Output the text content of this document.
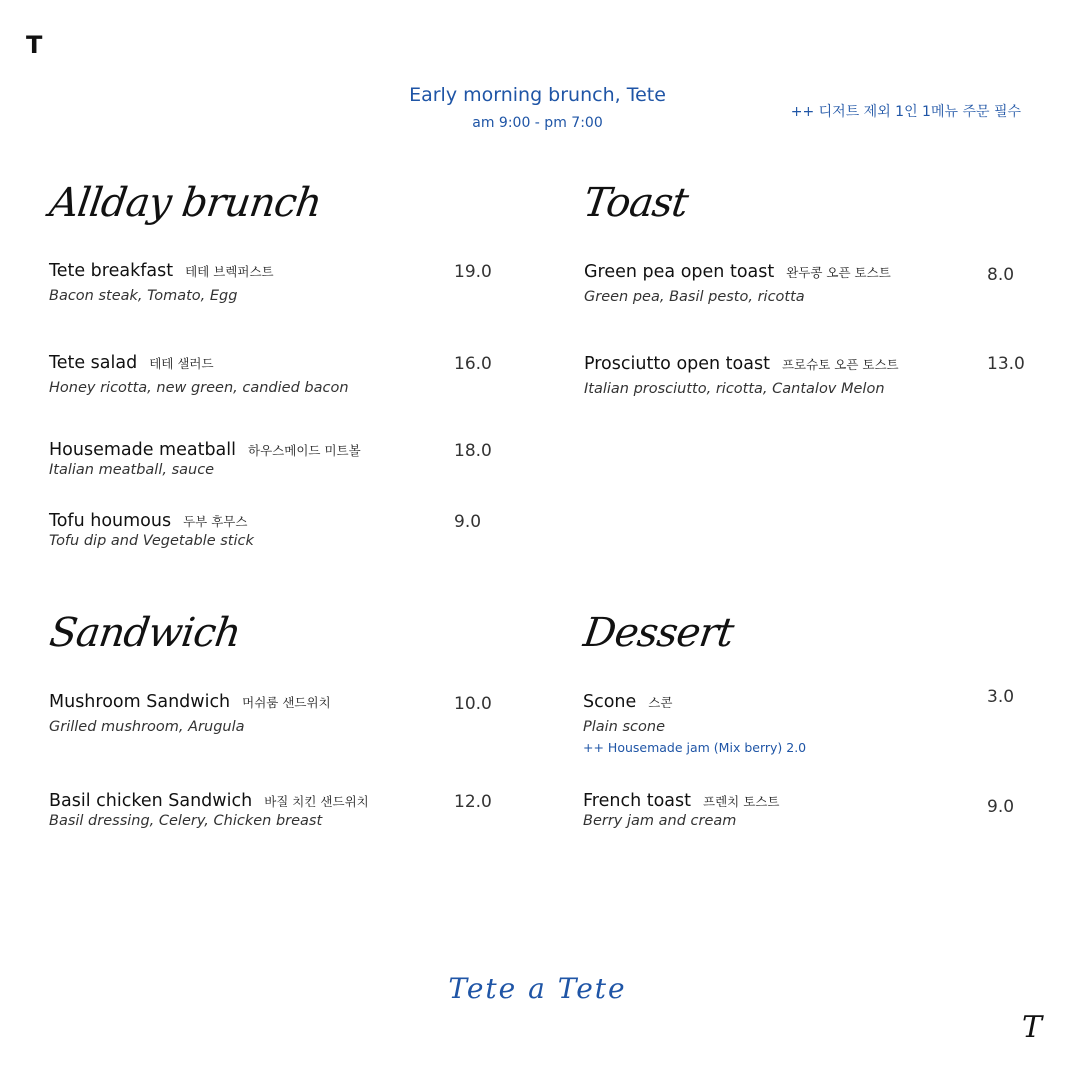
T
Early morning brunch, Tete
am 9:00 - pm 7:00
++ 디저트 제외 1인 1메뉴 주문 필수
Allday brunch
Tete breakfast 테테 브렉퍼스트
Bacon steak, Tomato, Egg
19.0
Tete salad 테테 샐러드
Honey ricotta, new green, candied bacon
16.0
Housemade meatball 하우스메이드 미트볼
Italian meatball, sauce
18.0
Tofu houmous 두부 후무스
Tofu dip and Vegetable stick
9.0
Toast
Green pea open toast 완두콩 오픈 토스트
Green pea, Basil pesto, ricotta
8.0
Prosciutto open toast 프로슈토 오픈 토스트
Italian prosciutto, ricotta, Cantalov Melon
13.0
Sandwich
Mushroom Sandwich 머쉬룸 샌드위치
Grilled mushroom, Arugula
10.0
Basil chicken Sandwich 바질 치킨 샌드위치
Basil dressing, Celery, Chicken breast
12.0
Dessert
Scone 스콘
Plain scone
++ Housemade jam (Mix berry) 2.0
3.0
French toast 프렌치 토스트
Berry jam and cream
9.0
Tete a Tete
T
